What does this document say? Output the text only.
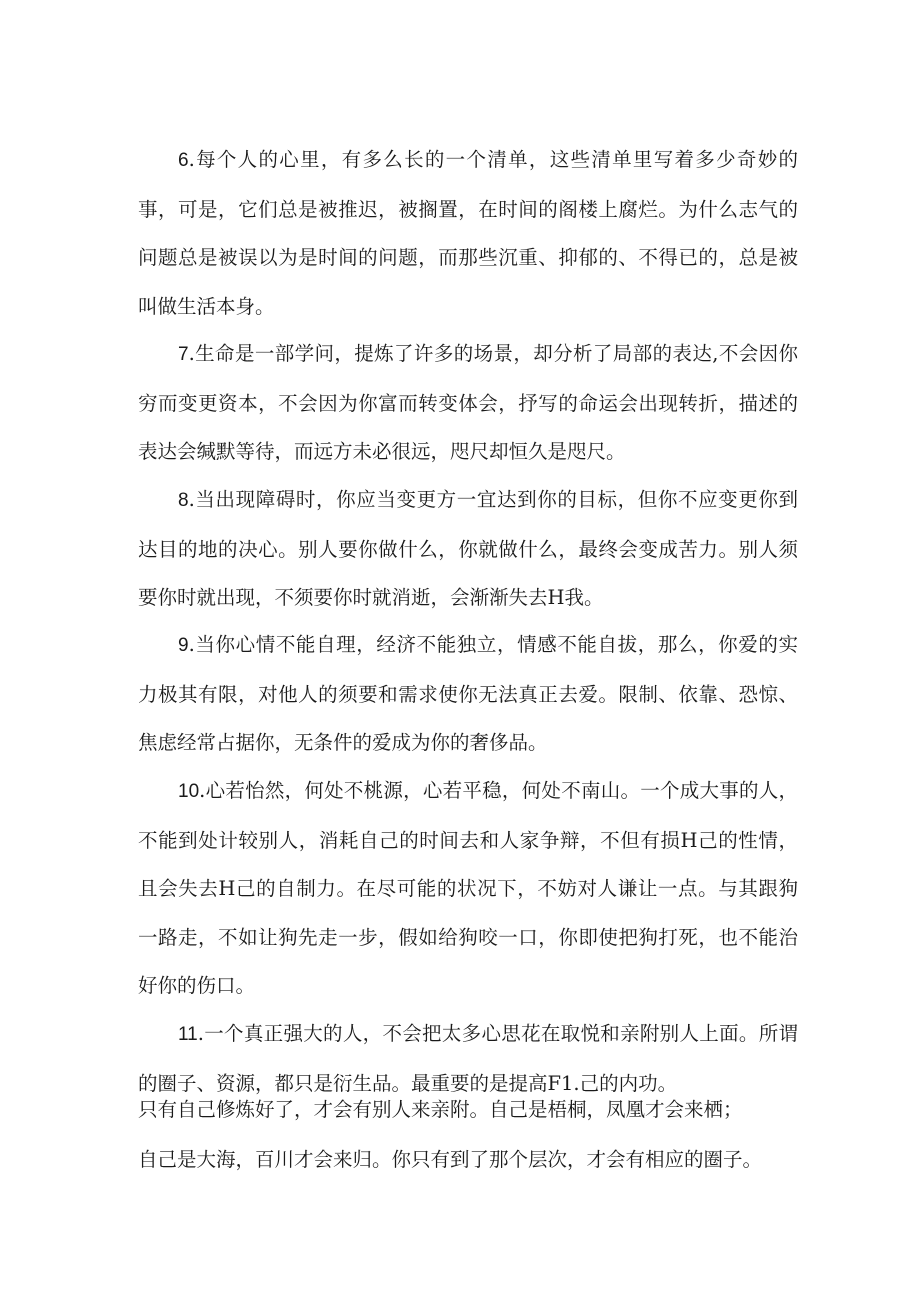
6.每个人的心里，有多么长的一个清单，这些清单里写着多少奇妙的事，可是，它们总是被推迟，被搁置，在时间的阁楼上腐烂。为什么志气的问题总是被误以为是时间的问题，而那些沉重、抑郁的、不得已的，总是被叫做生活本身。

7.生命是一部学问，提炼了许多的场景，却分析了局部的表达,不会因你穷而变更资本，不会因为你富而转变体会，抒写的命运会出现转折，描述的表达会缄默等待，而远方未必很远，咫尺却恒久是咫尺。

8.当出现障碍时，你应当变更方一宜达到你的目标，但你不应变更你到达目的地的决心。别人要你做什么，你就做什么，最终会变成苦力。别人须要你时就出现，不须要你时就消逝，会渐渐失去H我。

9.当你心情不能自理，经济不能独立，情感不能自拔，那么，你爱的实力极其有限，对他人的须要和需求使你无法真正去爱。限制、依靠、恐惊、焦虑经常占据你，无条件的爱成为你的奢侈品。

10.心若怡然，何处不桃源，心若平稳，何处不南山。一个成大事的人，不能到处计较别人，消耗自己的时间去和人家争辩，不但有损H己的性情，且会失去H己的自制力。在尽可能的状况下，不妨对人谦让一点。与其跟狗一路走，不如让狗先走一步，假如给狗咬一口，你即使把狗打死，也不能治好你的伤口。

11.一个真正强大的人，不会把太多心思花在取悦和亲附别人上面。所谓的圈子、资源，都只是衍生品。最重要的是提高F1.己的内功。

只有自己修炼好了，才会有别人来亲附。自己是梧桐，凤凰才会来栖；

自己是大海，百川才会来归。你只有到了那个层次，才会有相应的圈子。
